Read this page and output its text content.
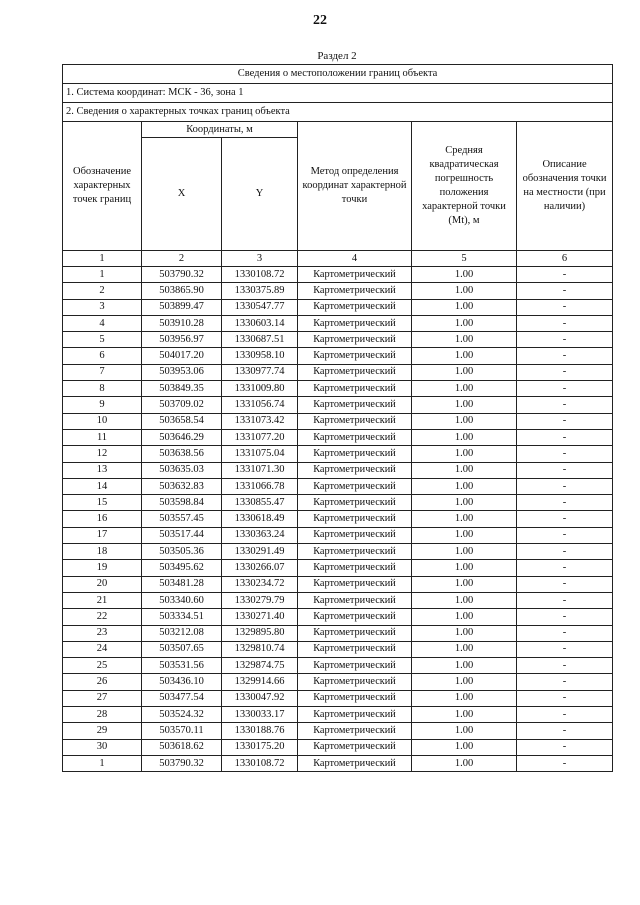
22
Раздел 2
Сведения о местоположении границ объекта					
1. Система координат: МСК - 36, зона 1					
2. Сведения о характерных точках границ объекта					
Обозначение характерных точек границ	Координаты, м		Метод определения координат характерной точки	Средняя квадратическая погрешность положения характерной точки (Mt), м	Описание обозначения точки на местности (при наличии)
	X	Y			
1	2	3	4	5	6
1	503790.32	1330108.72	Картометрический	1.00	-
2	503865.90	1330375.89	Картометрический	1.00	-
3	503899.47	1330547.77	Картометрический	1.00	-
4	503910.28	1330603.14	Картометрический	1.00	-
5	503956.97	1330687.51	Картометрический	1.00	-
6	504017.20	1330958.10	Картометрический	1.00	-
7	503953.06	1330977.74	Картометрический	1.00	-
8	503849.35	1331009.80	Картометрический	1.00	-
9	503709.02	1331056.74	Картометрический	1.00	-
10	503658.54	1331073.42	Картометрический	1.00	-
11	503646.29	1331077.20	Картометрический	1.00	-
12	503638.56	1331075.04	Картометрический	1.00	-
13	503635.03	1331071.30	Картометрический	1.00	-
14	503632.83	1331066.78	Картометрический	1.00	-
15	503598.84	1330855.47	Картометрический	1.00	-
16	503557.45	1330618.49	Картометрический	1.00	-
17	503517.44	1330363.24	Картометрический	1.00	-
18	503505.36	1330291.49	Картометрический	1.00	-
19	503495.62	1330266.07	Картометрический	1.00	-
20	503481.28	1330234.72	Картометрический	1.00	-
21	503340.60	1330279.79	Картометрический	1.00	-
22	503334.51	1330271.40	Картометрический	1.00	-
23	503212.08	1329895.80	Картометрический	1.00	-
24	503507.65	1329810.74	Картометрический	1.00	-
25	503531.56	1329874.75	Картометрический	1.00	-
26	503436.10	1329914.66	Картометрический	1.00	-
27	503477.54	1330047.92	Картометрический	1.00	-
28	503524.32	1330033.17	Картометрический	1.00	-
29	503570.11	1330188.76	Картометрический	1.00	-
30	503618.62	1330175.20	Картометрический	1.00	-
1	503790.32	1330108.72	Картометрический	1.00	-
